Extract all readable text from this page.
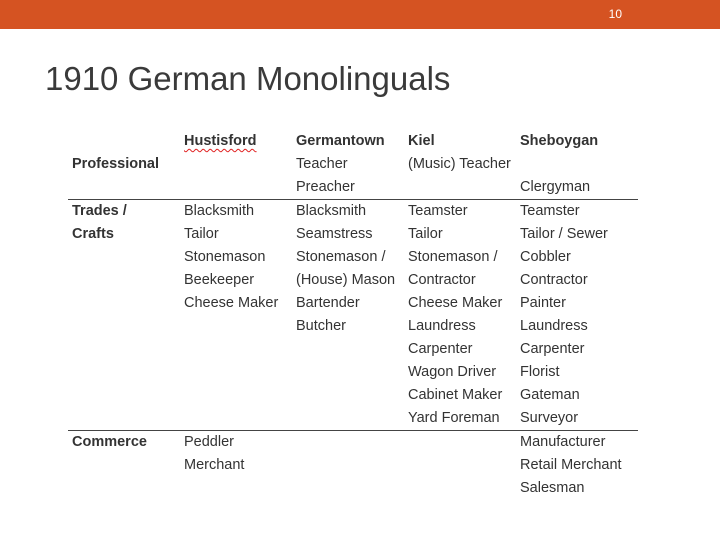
10
1910 German Monolinguals
	Hustisford	Germantown	Kiel	Sheboygan
Professional		Teacher	(Music) Teacher	
		Preacher		Clergyman
Trades /	Blacksmith	Blacksmith	Teamster	Teamster
Crafts	Tailor	Seamstress	Tailor	Tailor / Sewer
	Stonemason	Stonemason /	Stonemason /	Cobbler
	Beekeeper	(House) Mason	Contractor	Contractor
	Cheese Maker	Bartender	Cheese Maker	Painter
		Butcher	Laundress	Laundress
			Carpenter	Carpenter
			Wagon Driver	Florist
			Cabinet Maker	Gateman
			Yard Foreman	Surveyor
Commerce	Peddler			Manufacturer
	Merchant			Retail Merchant
				Salesman
